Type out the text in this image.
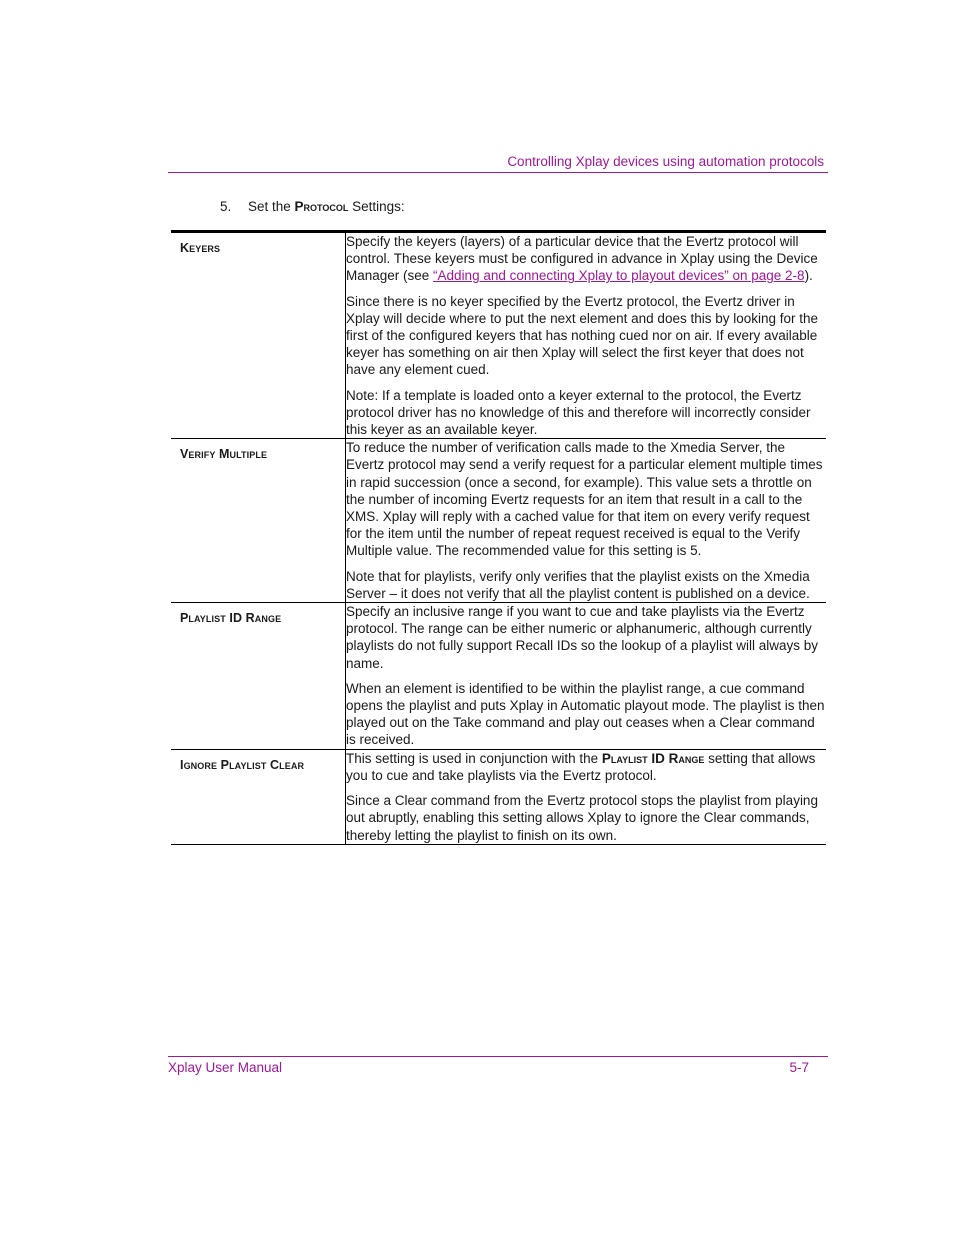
Controlling Xplay devices using automation protocols
5. Set the Protocol Settings:
Keyers	Specify the keyers (layers) of a particular device that the Evertz protocol will control. These keyers must be configured in advance in Xplay using the Device Manager (see “Adding and connecting Xplay to playout devices” on page 2-8).

Since there is no keyer specified by the Evertz protocol, the Evertz driver in Xplay will decide where to put the next element and does this by looking for the first of the configured keyers that has nothing cued nor on air. If every available keyer has something on air then Xplay will select the first keyer that does not have any element cued.

Note: If a template is loaded onto a keyer external to the protocol, the Evertz protocol driver has no knowledge of this and therefore will incorrectly consider this keyer as an available keyer.

Verify Multiple	To reduce the number of verification calls made to the Xmedia Server, the Evertz protocol may send a verify request for a particular element multiple times in rapid succession (once a second, for example). This value sets a throttle on the number of incoming Evertz requests for an item that result in a call to the XMS. Xplay will reply with a cached value for that item on every verify request for the item until the number of repeat request received is equal to the Verify Multiple value. The recommended value for this setting is 5.

Note that for playlists, verify only verifies that the playlist exists on the Xmedia Server – it does not verify that all the playlist content is published on a device.

Playlist ID Range	Specify an inclusive range if you want to cue and take playlists via the Evertz protocol. The range can be either numeric or alphanumeric, although currently playlists do not fully support Recall IDs so the lookup of a playlist will always by name.

When an element is identified to be within the playlist range, a cue command opens the playlist and puts Xplay in Automatic playout mode. The playlist is then played out on the Take command and play out ceases when a Clear command is received.

Ignore Playlist Clear	This setting is used in conjunction with the Playlist ID Range setting that allows you to cue and take playlists via the Evertz protocol.

Since a Clear command from the Evertz protocol stops the playlist from playing out abruptly, enabling this setting allows Xplay to ignore the Clear commands, thereby letting the playlist to finish on its own.

Xplay User Manual	5-7
